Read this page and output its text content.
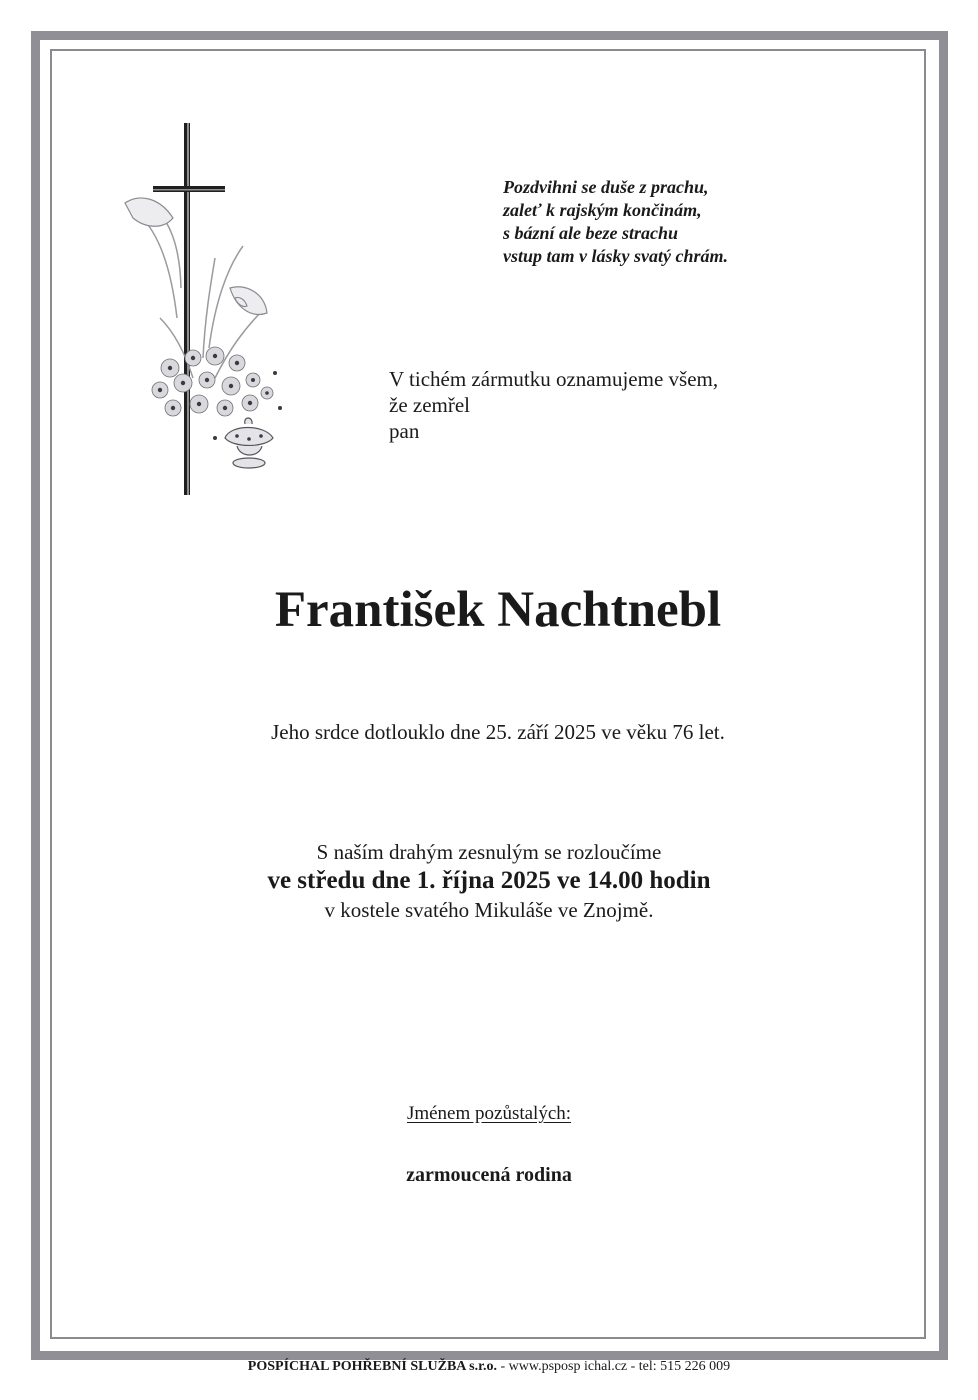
Pozdvihni se duše z prachu,
zaleť k rajským končinám,
s bázní ale beze strachu
vstup tam v lásky svatý chrám.
V tichém zármutku oznamujeme všem,
že zemřel
pan
František Nachtnebl
Jeho srdce dotlouklo dne 25. září 2025 ve věku 76 let.
S naším drahým zesnulým se rozloučíme
ve středu dne 1. října 2025 ve 14.00 hodin
v kostele svatého Mikuláše ve Znojmě.
Jménem pozůstalých:
zarmoucená rodina
POSPÍCHAL POHŘEBNÍ SLUŽBA s.r.o. - www.psposp ichal.cz - tel: 515 226 009
